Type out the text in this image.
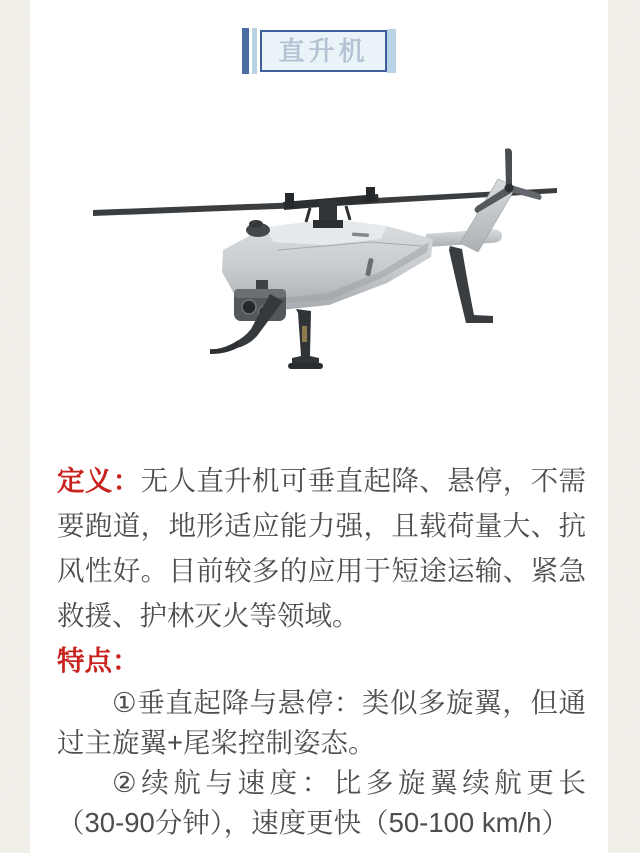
直升机

定义：无人直升机可垂直起降、悬停，不需要跑道，地形适应能力强，且载荷量大、抗风性好。目前较多的应用于短途运输、紧急救援、护林灭火等领域。

特点：

①垂直起降与悬停：类似多旋翼，但通过主旋翼+尾桨控制姿态。

②续航与速度：比多旋翼续航更长（30-90分钟），速度更快（50-100 km/h）
